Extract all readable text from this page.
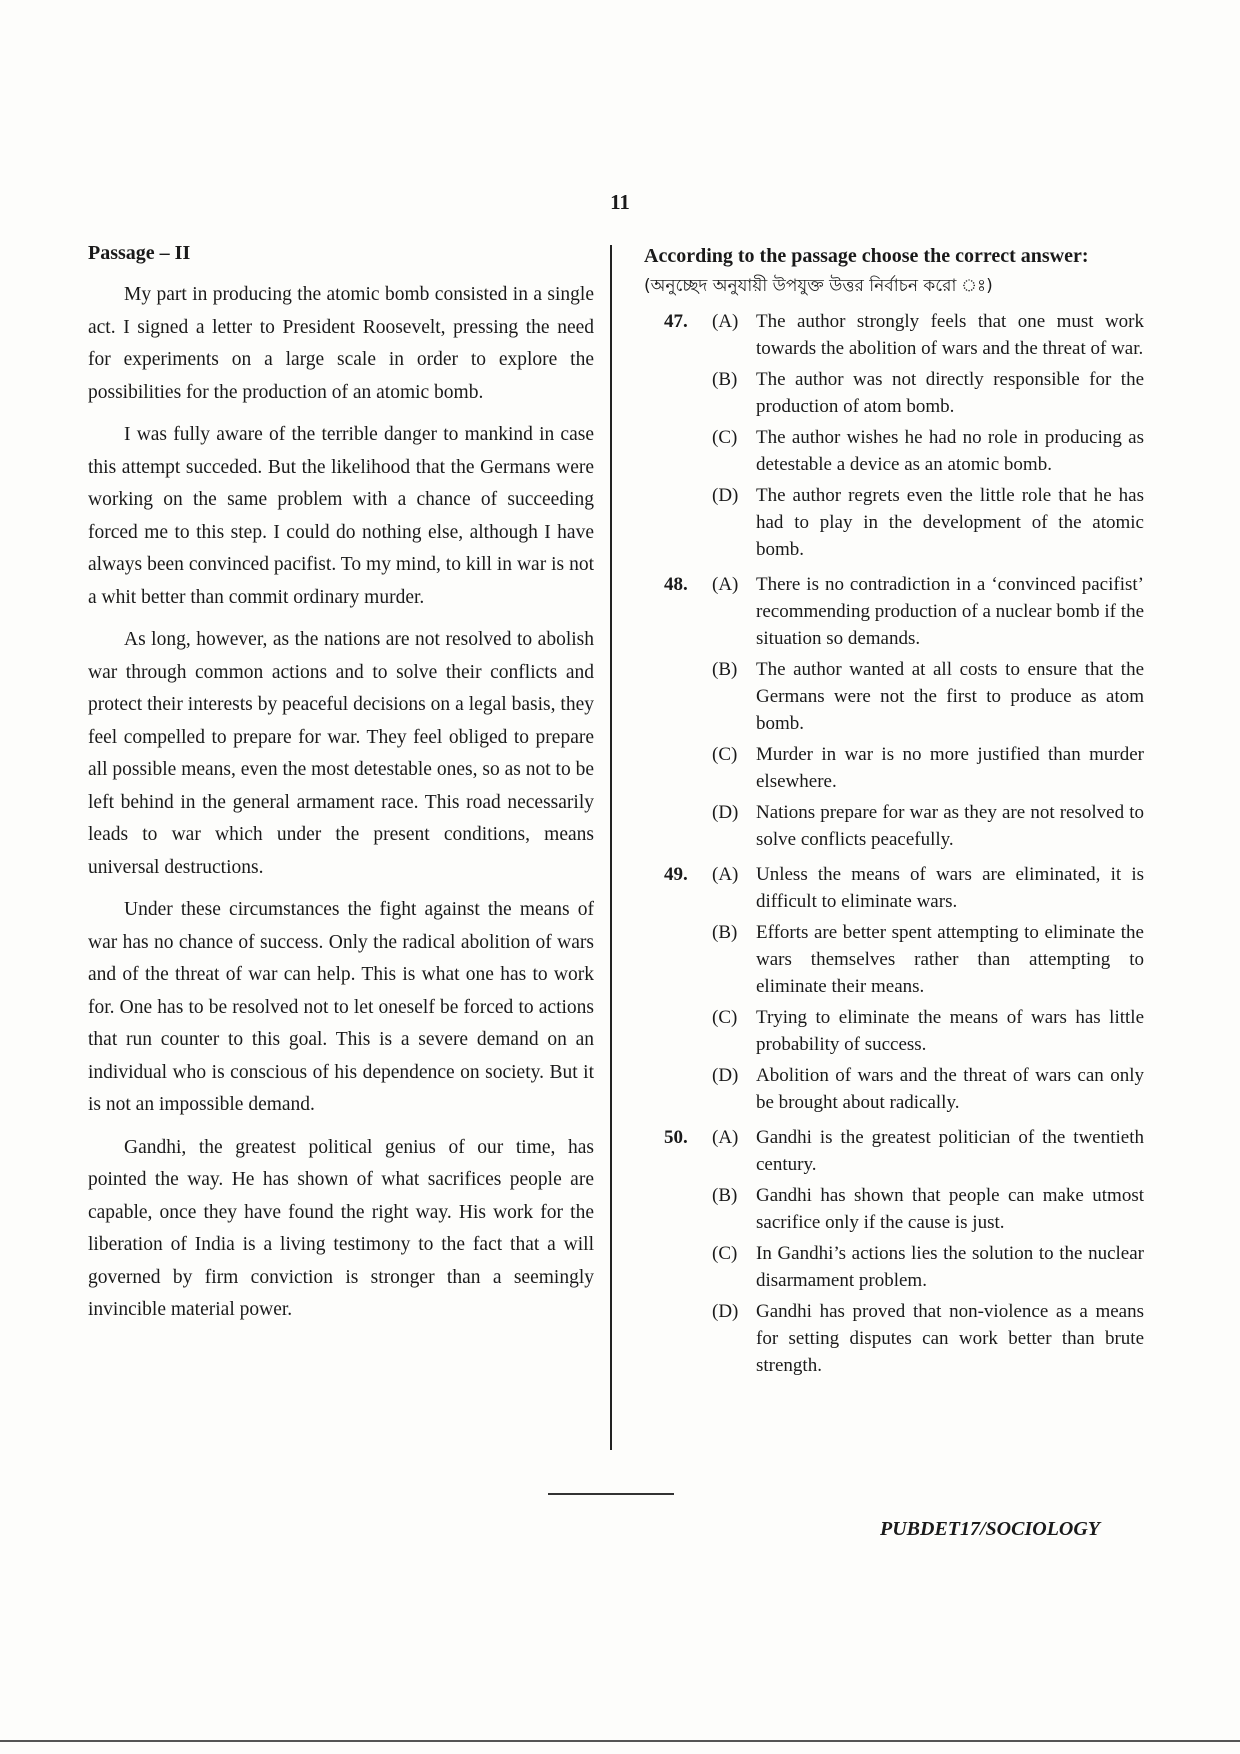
11
Passage – II

My part in producing the atomic bomb consisted in a single act. I signed a letter to President Roosevelt, pressing the need for experiments on a large scale in order to explore the possibilities for the production of an atomic bomb.

I was fully aware of the terrible danger to mankind in case this attempt succeded. But the likelihood that the Germans were working on the same problem with a chance of succeeding forced me to this step. I could do nothing else, although I have always been convinced pacifist. To my mind, to kill in war is not a whit better than commit ordinary murder.

As long, however, as the nations are not resolved to abolish war through common actions and to solve their conflicts and protect their interests by peaceful decisions on a legal basis, they feel compelled to prepare for war. They feel obliged to prepare all possible means, even the most detestable ones, so as not to be left behind in the general armament race. This road necessarily leads to war which under the present conditions, means universal destructions.

Under these circumstances the fight against the means of war has no chance of success. Only the radical abolition of wars and of the threat of war can help. This is what one has to work for. One has to be resolved not to let oneself be forced to actions that run counter to this goal. This is a severe demand on an individual who is conscious of his dependence on society. But it is not an impossible demand.

Gandhi, the greatest political genius of our time, has pointed the way. He has shown of what sacrifices people are capable, once they have found the right way. His work for the liberation of India is a living testimony to the fact that a will governed by firm conviction is stronger than a seemingly invincible material power.

According to the passage choose the correct answer:
(অনুচ্ছেদ অনুযায়ী উপযুক্ত উত্তর নির্বাচন করো ঃ)
47. (A) The author strongly feels that one must work towards the abolition of wars and the threat of war.
(B) The author was not directly responsible for the production of atom bomb.
(C) The author wishes he had no role in producing as detestable a device as an atomic bomb.
(D) The author regrets even the little role that he has had to play in the development of the atomic bomb.
48. (A) There is no contradiction in a ‘convinced pacifist’ recommending production of a nuclear bomb if the situation so demands.
(B) The author wanted at all costs to ensure that the Germans were not the first to produce as atom bomb.
(C) Murder in war is no more justified than murder elsewhere.
(D) Nations prepare for war as they are not resolved to solve conflicts peacefully.
49. (A) Unless the means of wars are eliminated, it is difficult to eliminate wars.
(B) Efforts are better spent attempting to eliminate the wars themselves rather than attempting to eliminate their means.
(C) Trying to eliminate the means of wars has little probability of success.
(D) Abolition of wars and the threat of wars can only be brought about radically.
50. (A) Gandhi is the greatest politician of the twentieth century.
(B) Gandhi has shown that people can make utmost sacrifice only if the cause is just.
(C) In Gandhi’s actions lies the solution to the nuclear disarmament problem.
(D) Gandhi has proved that non-violence as a means for setting disputes can work better than brute strength.
PUBDET17/SOCIOLOGY
